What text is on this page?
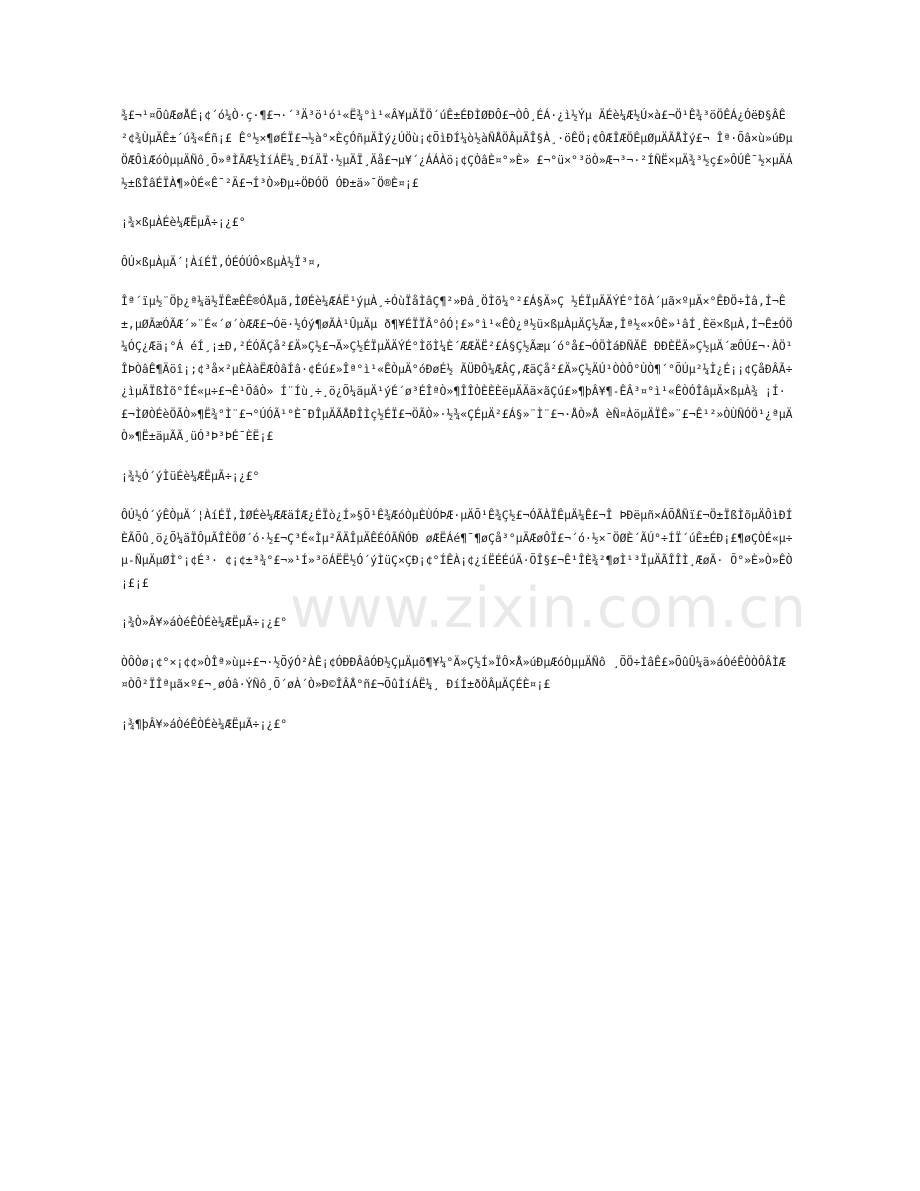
¾£¬¹¤ÕûÆøÅÉ¡¢´ó¼Ò·ç·¶£¬·´³Ä³ö¹ó¹«Ë¾°ì¹«Â¥µÄÏÖ´úÊ±ÉÐÌØÐÔ£¬ÒÔ¸ÉÁ·¿ì½Ýµ ÄÉè¼Æ½Ú×à£¬Ö¹Ê¾³öÖÊÁ¿ÓëÐ§ÂÊ²¢¾ÙµÄÊ±´ú¾«Éñ¡£ Ê°½×¶øÉÏ£¬½à°×ÈçÓñµÄÌý¿ÚÖù¡¢ÕìÐÍ¼ò½àÑÅÖÂµÄÎ§À¸·öÊÖ¡¢ÔÆÎÆÖÊµØµÄÃÅÌý£¬ Îª·Õâ×ù»úÐµÖÆÔìÆóÒµµÄÑô¸Õ»ªÌÃÆ½ÌíÁË¼¸ÐíÄÏ·½µÄÏ¸Äå£¬µ¥´¿ÁÁÀö¡¢ÇÒâÈ¤°»È» £¬°ü×°³öÒ»Æ¬³¬·²ÍÑË×µÄ¾³½ç£»ÔÚÊ¯½×µÄÁ½±ßÎâÉÏÀ¶»ÒÉ«Ê¯²Ä£¬Í³Ò»Ðµ÷ÖÐÓÖ ÓÐ±ä»¯Ö®È¤¡£

¡¾×ßµÀÉè¼ÆËµÃ÷¡¿£°

ÔÚ×ßµÀµÄ´¦ÀíÉÏ,ÓÉÓÚÔ×ßµÀ½Ï³¤,

Îª´ïµ½¨Öþ¿ª¼ä½ÏÊæÊÊ®ÓÅµã,ÌØÉè¼ÆÁË¹ýµÀ¸÷ÓùÏåÌâÇ¶²»Ðâ¸ÖÌõ¼°²£Á§Ä»Ç ½ÉÏµÄÄÝÉ°ÌõÀ´µã×ºµÄ×°ÊÐÖ÷Ìâ,Í¬Ê±,µØÃæÓÃÆ´»¨É«´ø´òÆÆ£¬Óë·½Óý¶øÃÀ¹ÛµÄµ ð¶¥ÉÏÏÂ°ôÓ¦£»°ì¹«ÊÒ¿ª½ü×ßµÀµÄÇ½Ãæ,Îª½«×ÔÈ»¹âÍ¸Èë×ßµÀ,Í¬Ê±ÓÖ¼ÓÇ¿Æä¡°Á éÍ¸¡±Ð,²ÉÓÃÇå²£Ä»Ç½£¬Ä»Ç½ÉÏµÄÄÝÉ°ÌõÌ¼È´ÆÆÄË²£Á§Ç½Ãæµ´ó°å£¬ÓÖÌáÐÑÄË ÐÐÈËÄ»Ç½µÄ´æÔÚ£¬·ÀÖ¹ÎÞÒâÊ¶Äöî¡;¢³å×²µÈÀàËÆÒâÍâ·¢Éú£»Îª°ì¹«ÊÒµÄ°óÐøÉ½ ÃÜÐÔ¼ÆÂÇ,ÆäÇå²£Ä»Ç½ÄÚ¹ÒÒÔ°ÙÒ¶´°ÕÚµ²¼Ì¿É¡¡¢ÇåÐÂÃ÷¿ìµÄÏßÌõ°ÍÉ«µ÷£¬Ê¹ÕâÒ» Í¨Íù¸÷¸ö¿Õ¼äµÄ¹ýÉ´ø³ÉÎªÒ»¶ÎÎÒÈÈÈëµÄÄä×ãÇú£»¶þÂ¥¶-ÊÂ³¤°ì¹«ÊÒÓÎâµÄ×ßµÀ¾ ¡Í·£¬ÌØÒÉèÖÃÒ»¶Ë¾°Ì¨£¬°ÚÓÃ¹°È¯ÐÎµÄÃÅÐÎÌç½ÉÏ£¬ÖÃÒ»·½¾«ÇÉµÄ²£Á§»¨Ì¨£¬·ÅÒ»Å èÑ¤ÀöµÄÏÊ»¨£¬Ê¹²»ÒÙÑÓÖ¹¿ªµÄÒ»¶Ë±äµÃÃ¸üÓ³Þ³ÞÉ¯ÈË¡£

¡¾½Ó´ýÌüÉè¼ÆËµÃ÷¡¿£°

ÔÚ½Ó´ýÊÒµÄ´¦ÀíÉÏ,ÌØÉè¼ÆÆäÍÆ¿ÉÏò¿Í»§Õ¹Ê¾ÆóÒµÈÙÓÞÆ·µÄÕ¹Ê¾Ç½£¬ÓÃÀÏÊµÄ¼Ê£¬Î ÞÐëµñ×ÁÕÅÑï£¬Ö±ÏßÌõµÄÔìÐÍÈÃÕû¸ö¿Õ¼äÏÔµÃÎÈÖØ´ó·½£¬Ç³É«Ìµ²ÃÄÎµÄÊÉÓÃÑÓÐ øÆËÁé¶¯¶øÇå³°µÄÆøÔÏ£¬´ó·½×¯ÖØÈ´ÃÚ°÷ÍÏ´úÊ±ÉÐ¡£¶øÇÒÉ«µ÷µ-ÑµÄµØÌ°¡¢É³· ¢¡¢±³¾°£¬»¹Í»³öÁËË½Ó´ýÌüÇ×ÇÐ¡¢°ÍÊÀ¡¢¿íËÉÉúÄ·ÕÎ§£¬Ê¹ÎÈ¾²¶øÌ¹³ÏµÄÃÎÎÌ¸ÆøÃ· Õ°»È»Ò»ÊÒ¡£¡£

¡¾Ò»Â¥»áÒéÊÒÉè¼ÆËµÃ÷¡¿£°

ÒÔÒø¡¢°×¡¢¢»ÒÎª»ùµ÷£¬·½ÕýÓ²ÀÊ¡¢ÓÐÐÂâÓÐ½ÇµÄµõ¶¥¼°Ä»Ç½Í»ÏÔ×Å»úÐµÆóÒµµÄÑô ¸ÕÖ÷ÌâÊ£»ÕûÛ¼ä»áÒéÊÒÒÔÂÌÆ¤ÒÔ²ÏÎªµã×º£¬¸øÓâ·ÝÑô¸Õ´øÀ´Ò»Ð©ÎÂÅ°ñ£¬ÕûÌíÁË¼¸ ÐíÍ±ðÖÂµÄÇÉÈ¤¡£

¡¾¶þÂ¥»áÒéÊÒÉè¼ÆËµÃ÷¡¿£°

www.zixin.com.cn
